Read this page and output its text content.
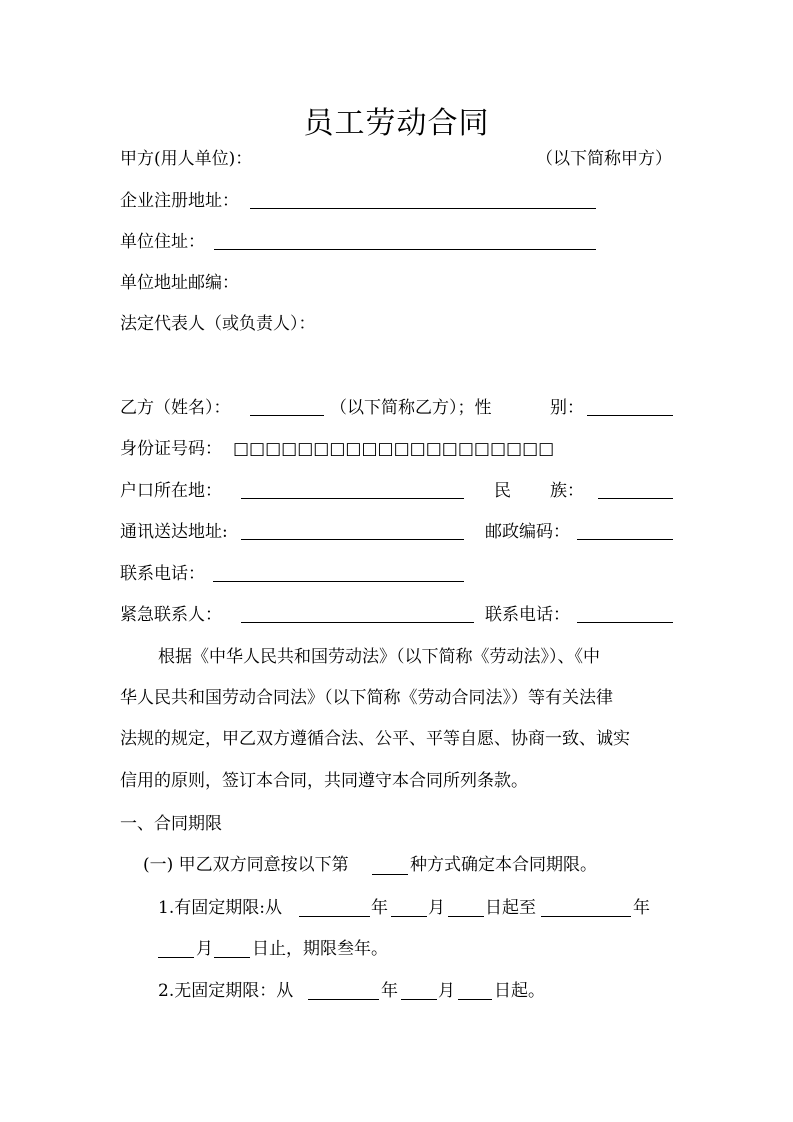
员工劳动合同
甲方(用人单位)：	（以下简称甲方）
企业注册地址：
单位住址：
单位地址邮编：
法定代表人（或负责人）：
乙方（姓名）：	（以下简称乙方）；性	别：
身份证号码： □□□□□□□□□□□□□□□□□□□□
户口所在地：	民 族：
通讯送达地址:	邮政编码：
联系电话：
紧急联系人：	联系电话：
根据《中华人民共和国劳动法》（以下简称《劳动法》）、《中
华人民共和国劳动合同法》（以下简称《劳动合同法》）等有关法律
法规的规定，甲乙双方遵循合法、公平、平等自愿、协商一致、诚实
信用的原则，签订本合同，共同遵守本合同所列条款。
一、合同期限
(一) 甲乙双方同意按以下第	种方式确定本合同期限。
1.有固定期限:从	年 月 日起至	年
月 日止，期限叁年。
2.无固定期限：从	年 月 日起。
